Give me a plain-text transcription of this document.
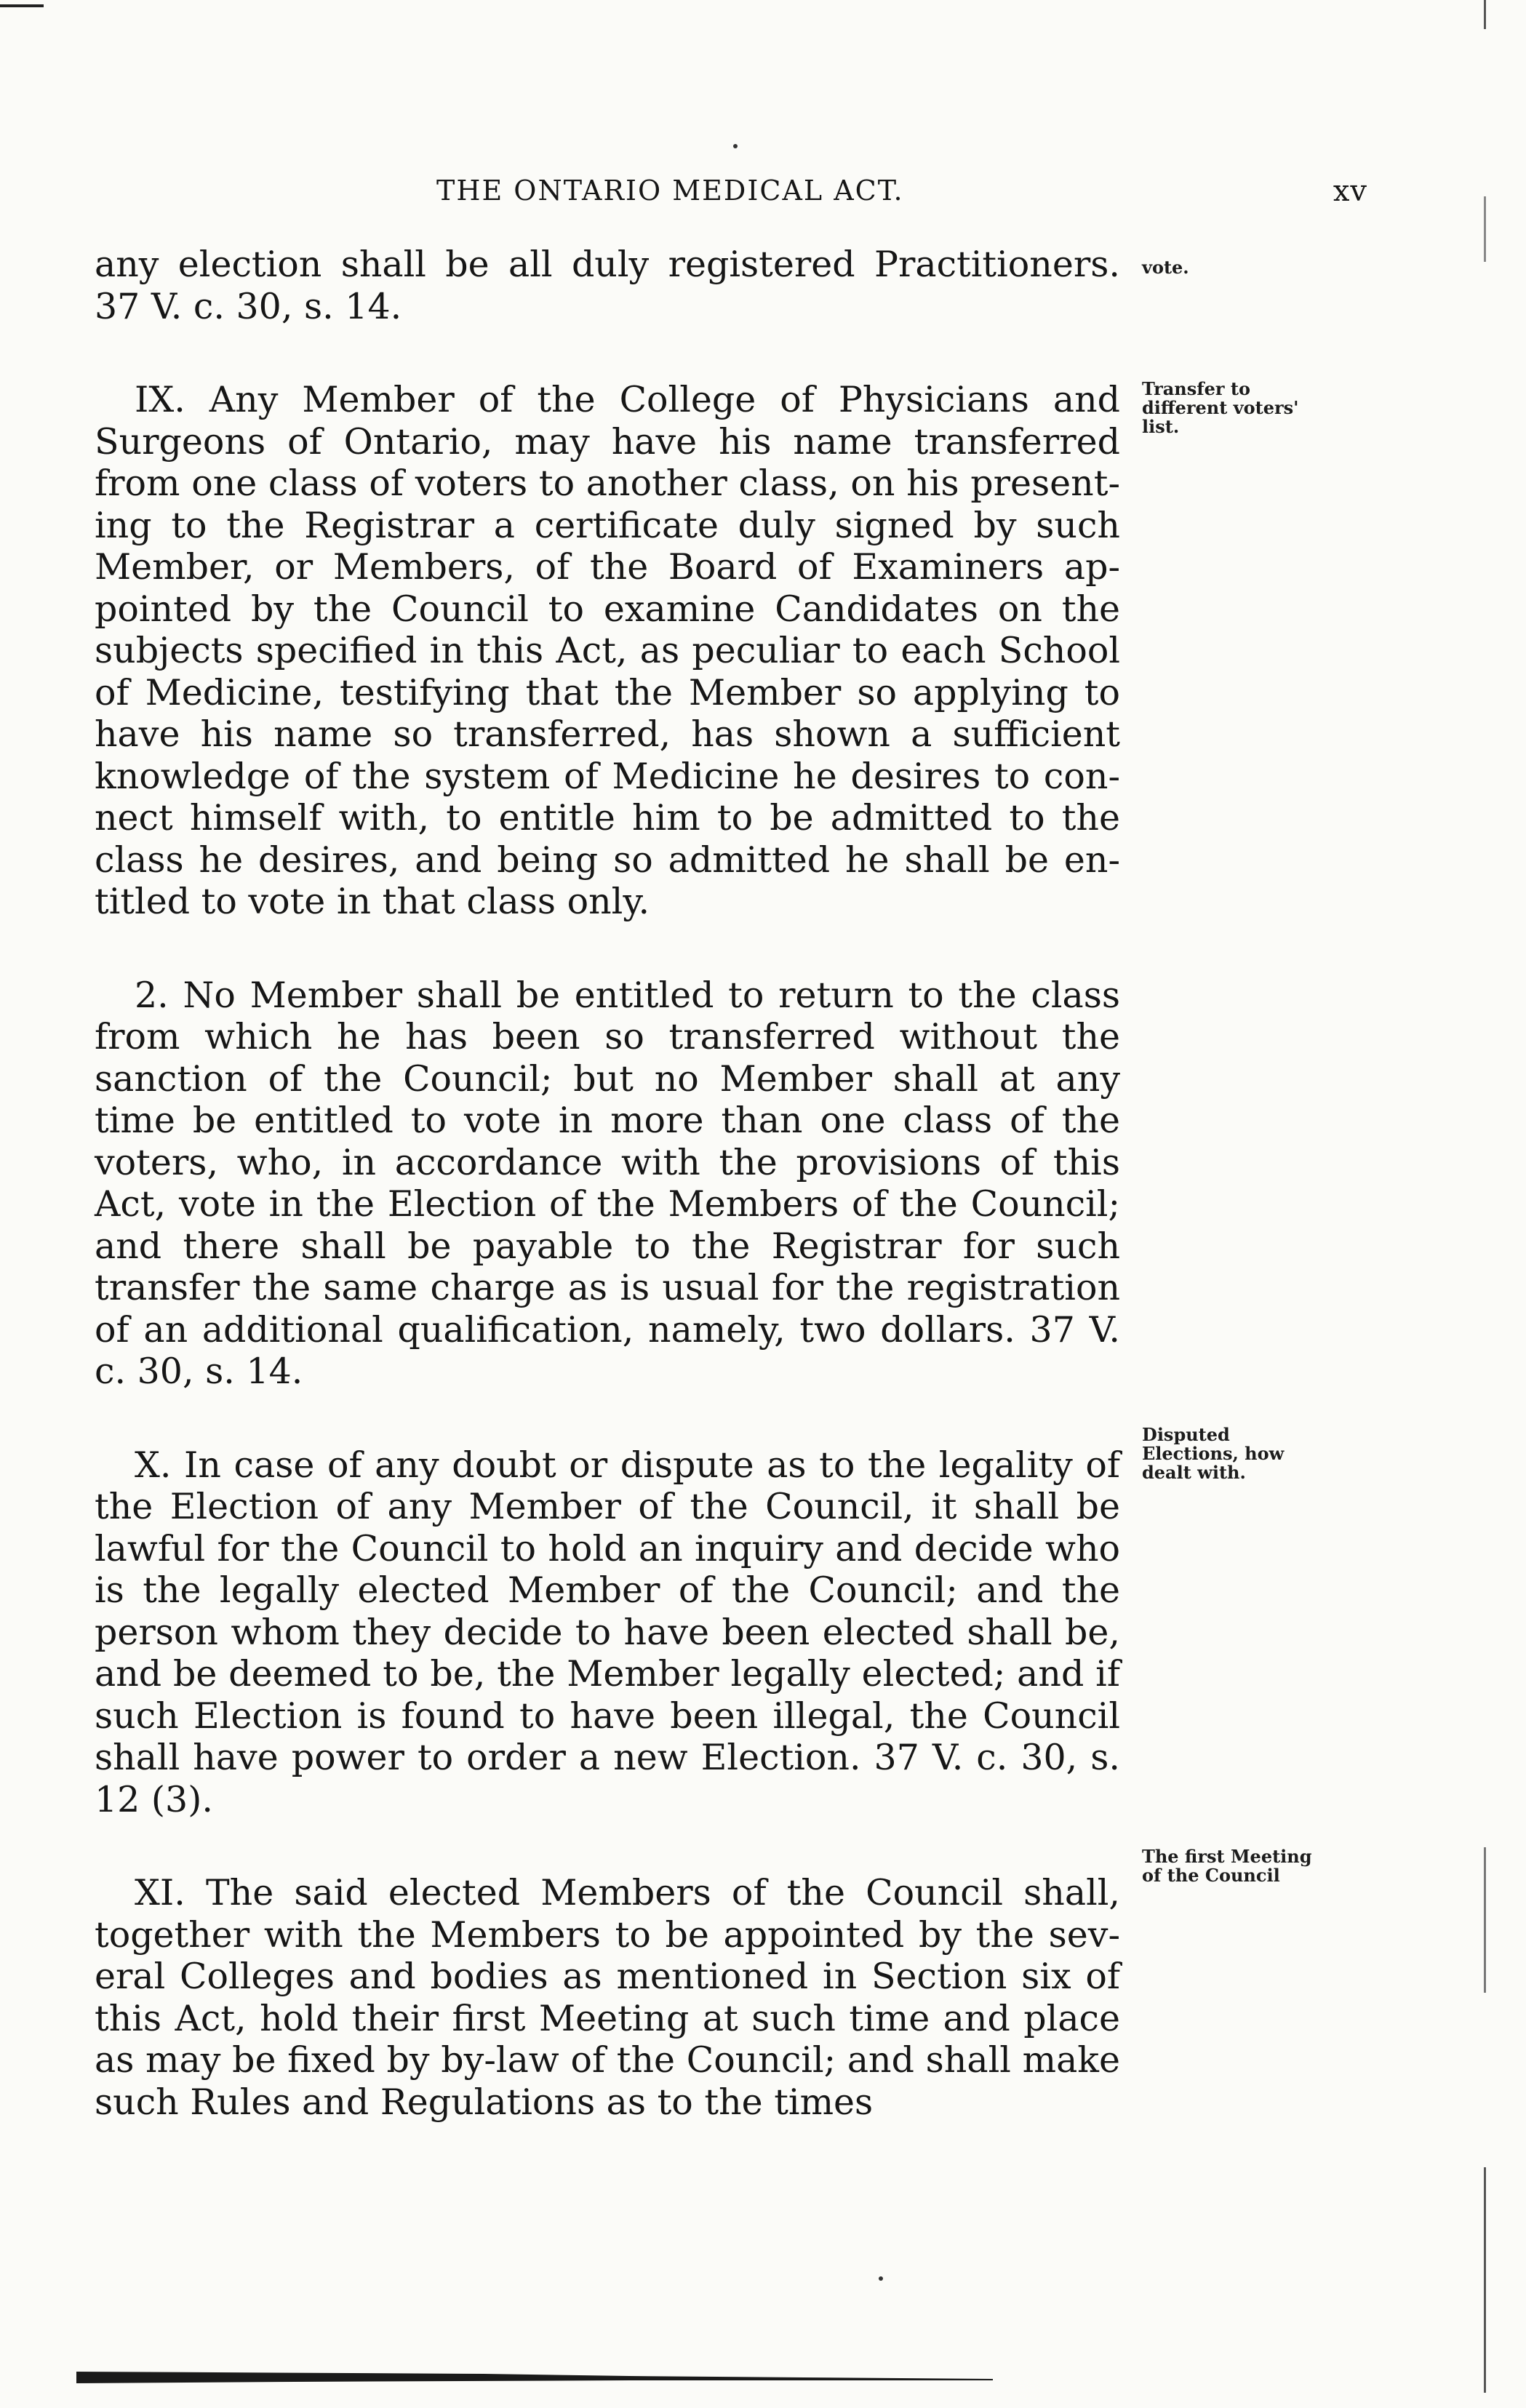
THE ONTARIO MEDICAL ACT.	xv

any election shall be all duly registered Practitioners. 37 V. c. 30, s. 14.

IX. Any Member of the College of Physicians and Surgeons of Ontario, may have his name transferred from one class of voters to another class, on his presenting to the Registrar a certificate duly signed by such Member, or Members, of the Board of Examiners appointed by the Council to examine Candidates on the subjects specified in this Act, as peculiar to each School of Medicine, testifying that the Member so applying to have his name so transferred, has shown a sufficient knowledge of the system of Medicine he desires to connect himself with, to entitle him to be admitted to the class he desires, and being so admitted he shall be entitled to vote in that class only.

2. No Member shall be entitled to return to the class from which he has been so transferred without the sanction of the Council; but no Member shall at any time be entitled to vote in more than one class of the voters, who, in accordance with the provisions of this Act, vote in the Election of the Members of the Council; and there shall be payable to the Registrar for such transfer the same charge as is usual for the registration of an additional qualification, namely, two dollars. 37 V. c. 30, s. 14.

X. In case of any doubt or dispute as to the legality of the Election of any Member of the Council, it shall be lawful for the Council to hold an inquiry and decide who is the legally elected Member of the Council; and the person whom they decide to have been elected shall be, and be deemed to be, the Member legally elected; and if such Election is found to have been illegal, the Council shall have power to order a new Election. 37 V. c. 30, s. 12 (3).

XI. The said elected Members of the Council shall, together with the Members to be appointed by the several Colleges and bodies as mentioned in Section six of this Act, hold their first Meeting at such time and place as may be fixed by by-law of the Council; and shall make such Rules and Regulations as to the times

vote.
Transfer to different voters' list.
Disputed Elections, how dealt with.
The first Meeting of the Council
